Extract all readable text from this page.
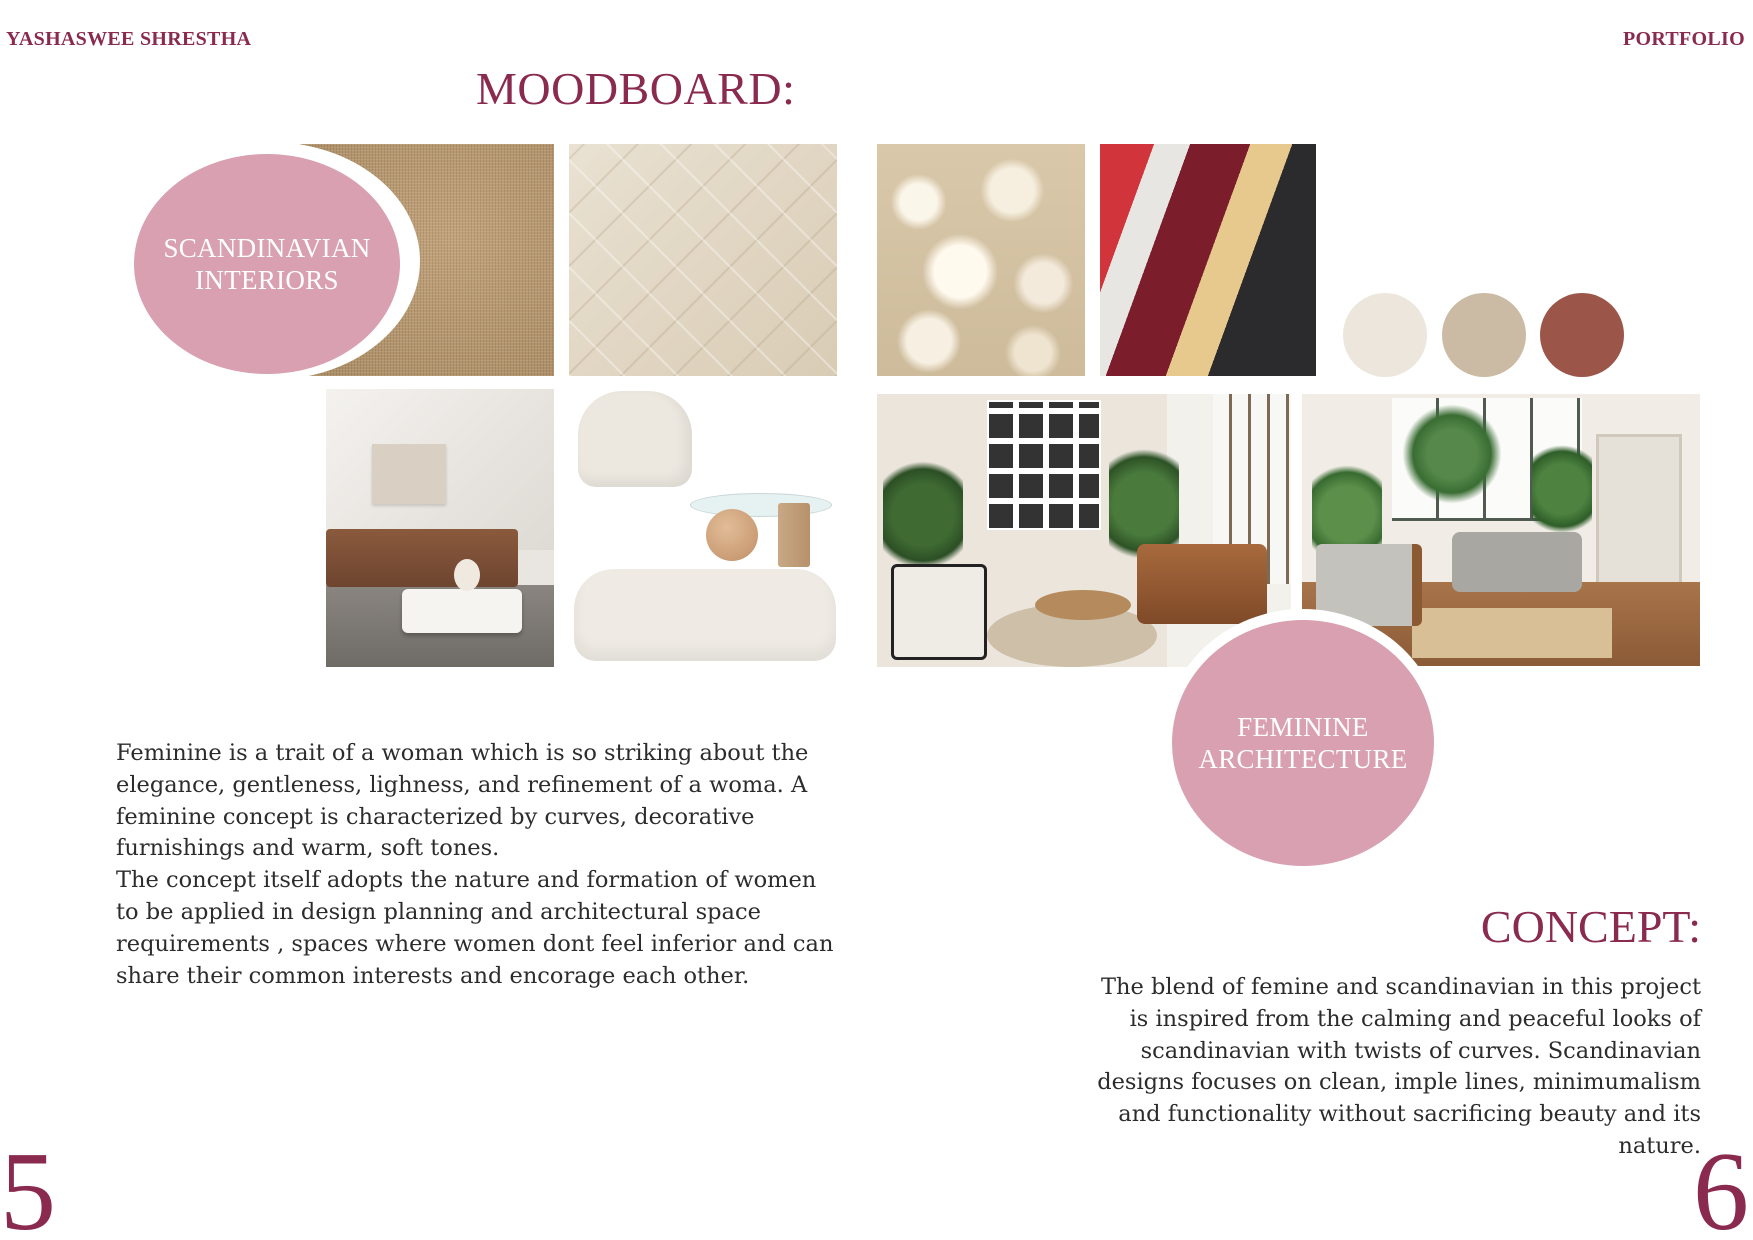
YASHASWEE SHRESTHA	PORTFOLIO
MOODBOARD:
SCANDINAVIAN
INTERIORS
FEMININE
ARCHITECTURE

Feminine is a trait of a woman which is so striking about the elegance, gentleness, lighness, and refinement of a woma. A feminine concept is characterized by curves, decorative furnishings and warm, soft tones.

The concept itself adopts the nature and formation of women to be applied in design planning and architectural space requirements , spaces where women dont feel inferior and can share their common interests and encorage each other.

CONCEPT:

The blend of femine and scandinavian in this project is inspired from the calming and peaceful looks of scandinavian with twists of curves. Scandinavian designs focuses on clean, imple lines, minimumalism and functionality without sacrificing beauty and its nature.

5	6
